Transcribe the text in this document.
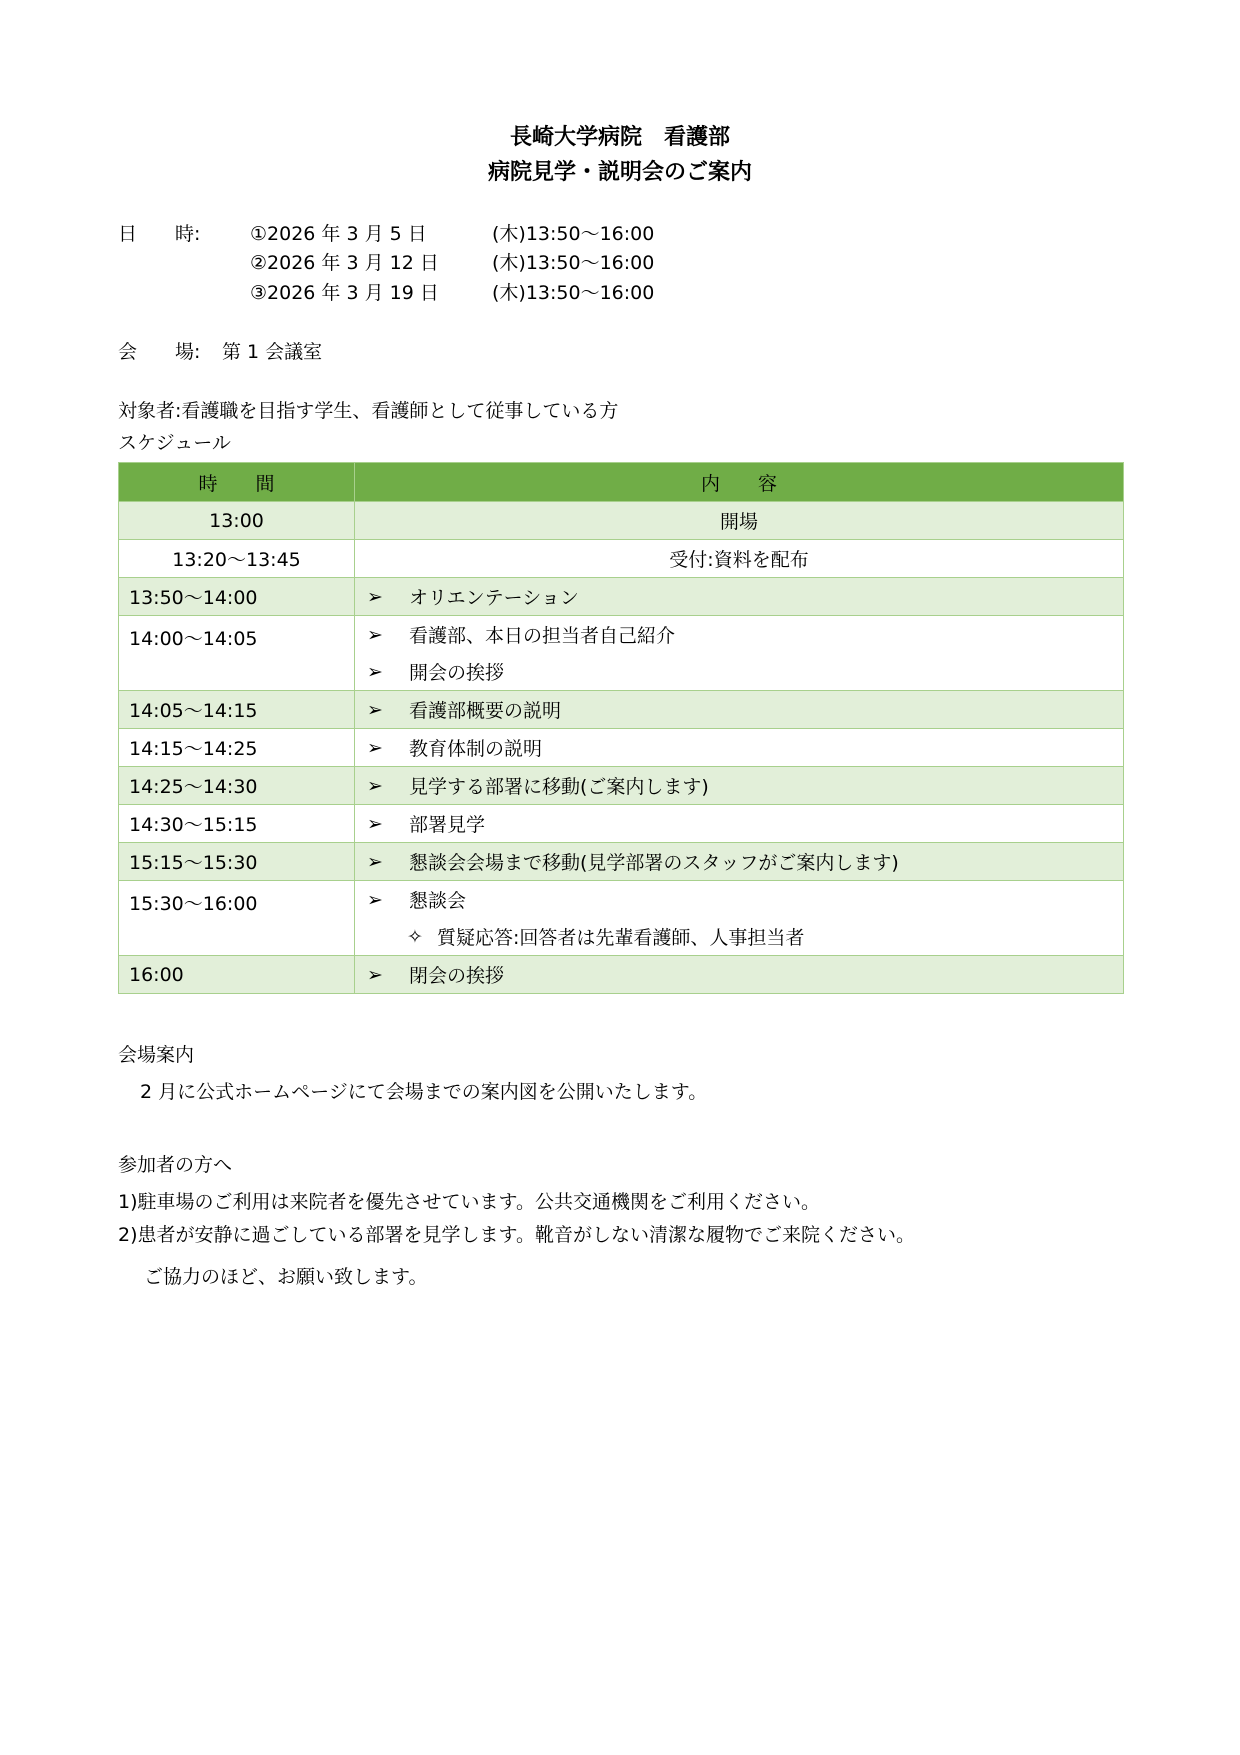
長崎大学病院　看護部
病院見学・説明会のご案内
日　　時:	①2026 年 3 月 5 日	(木)13:50～16:00
②2026 年 3 月 12 日	(木)13:50～16:00
③2026 年 3 月 19 日	(木)13:50～16:00
会　　場: 第 1 会議室
対象者:看護職を目指す学生、看護師として従事している方
スケジュール
時　　間	内　　容
13:00	開場
13:20～13:45	受付:資料を配布
13:50～14:00	➢ オリエンテーション

14:00～14:05	➢ 看護部、本日の担当者自己紹介
➢ 開会の挨拶

14:05～14:15	➢ 看護部概要の説明

14:15～14:25	➢ 教育体制の説明

14:25～14:30	➢ 見学する部署に移動(ご案内します)

14:30～15:15	➢ 部署見学

15:15～15:30	➢ 懇談会会場まで移動(見学部署のスタッフがご案内します)

15:30～16:00	➢ 懇談会
✧ 質疑応答:回答者は先輩看護師、人事担当者

16:00	➢ 閉会の挨拶
会場案内
2 月に公式ホームページにて会場までの案内図を公開いたします。
参加者の方へ
1)駐車場のご利用は来院者を優先させています。公共交通機関をご利用ください。
2)患者が安静に過ごしている部署を見学します。靴音がしない清潔な履物でご来院ください。
ご協力のほど、お願い致します。
